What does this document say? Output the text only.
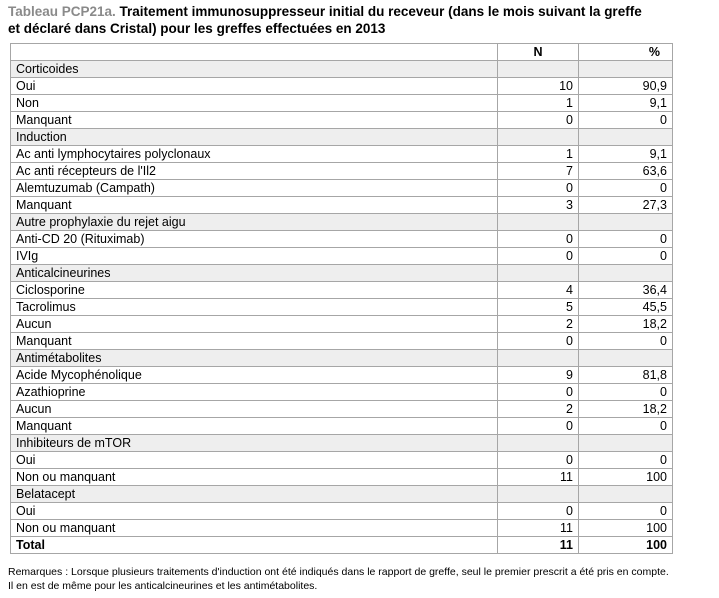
Tableau PCP21a. Traitement immunosuppresseur initial du receveur (dans le mois suivant la greffe
et déclaré dans Cristal) pour les greffes effectuées en 2013
	N	%
Corticoides		
Oui	10	90,9
Non	1	9,1
Manquant	0	0
Induction		
Ac anti lymphocytaires polyclonaux	1	9,1
Ac anti récepteurs de l'Il2	7	63,6
Alemtuzumab (Campath)	0	0
Manquant	3	27,3
Autre prophylaxie du rejet aigu		
Anti-CD 20 (Rituximab)	0	0
IVIg	0	0
Anticalcineurines		
Ciclosporine	4	36,4
Tacrolimus	5	45,5
Aucun	2	18,2
Manquant	0	0
Antimétabolites		
Acide Mycophénolique	9	81,8
Azathioprine	0	0
Aucun	2	18,2
Manquant	0	0
Inhibiteurs de mTOR		
Oui	0	0
Non ou manquant	11	100
Belatacept		
Oui	0	0
Non ou manquant	11	100
Total	11	100
Remarques : Lorsque plusieurs traitements d'induction ont été indiqués dans le rapport de greffe, seul le premier prescrit a été pris en compte.
Il en est de même pour les anticalcineurines et les antimétabolites.
